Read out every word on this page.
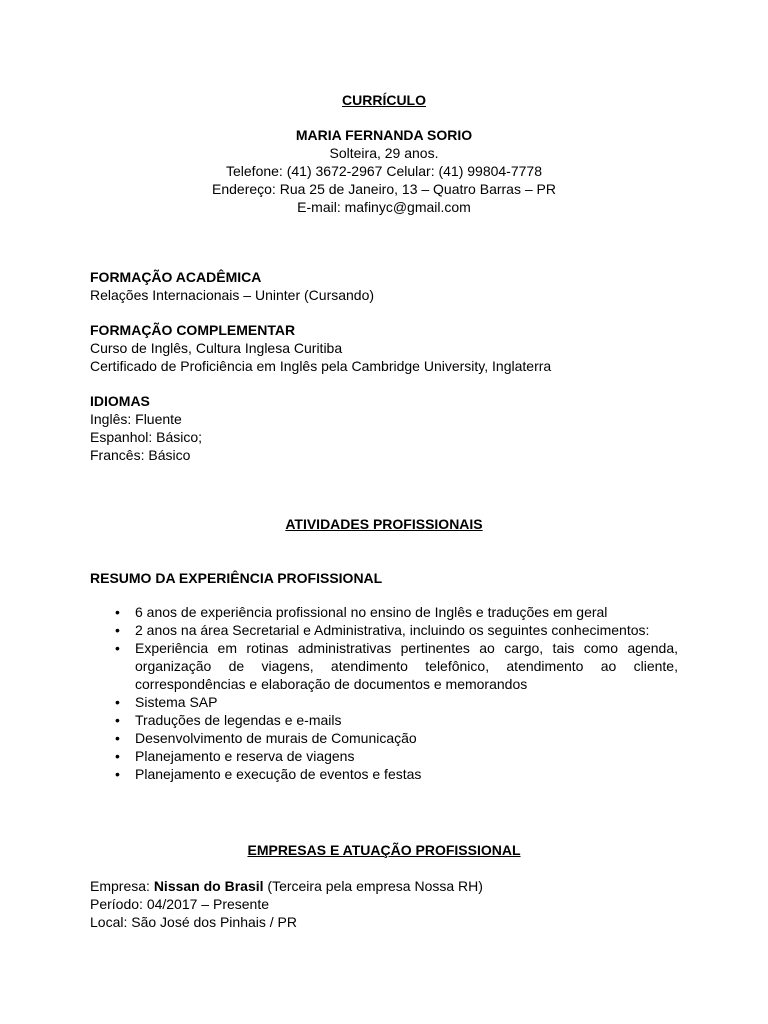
CURRÍCULO
MARIA FERNANDA SORIO
Solteira, 29 anos.
Telefone: (41) 3672-2967 Celular: (41) 99804-7778
Endereço: Rua 25 de Janeiro, 13 – Quatro Barras – PR
E-mail: mafinyc@gmail.com
FORMAÇÃO ACADÊMICA
Relações Internacionais – Uninter (Cursando)
FORMAÇÃO COMPLEMENTAR
Curso de Inglês, Cultura Inglesa Curitiba
Certificado de Proficiência em Inglês pela Cambridge University, Inglaterra
IDIOMAS
Inglês: Fluente
Espanhol: Básico;
Francês: Básico
ATIVIDADES PROFISSIONAIS
RESUMO DA EXPERIÊNCIA PROFISSIONAL
• 6 anos de experiência profissional no ensino de Inglês e traduções em geral
• 2 anos na área Secretarial e Administrativa, incluindo os seguintes conhecimentos:
• Experiência em rotinas administrativas pertinentes ao cargo, tais como agenda, organização de viagens, atendimento telefônico, atendimento ao cliente, correspondências e elaboração de documentos e memorandos
• Sistema SAP
• Traduções de legendas e e-mails
• Desenvolvimento de murais de Comunicação
• Planejamento e reserva de viagens
• Planejamento e execução de eventos e festas
EMPRESAS E ATUAÇÃO PROFISSIONAL
Empresa: Nissan do Brasil (Terceira pela empresa Nossa RH)
Período: 04/2017 – Presente
Local: São José dos Pinhais / PR
